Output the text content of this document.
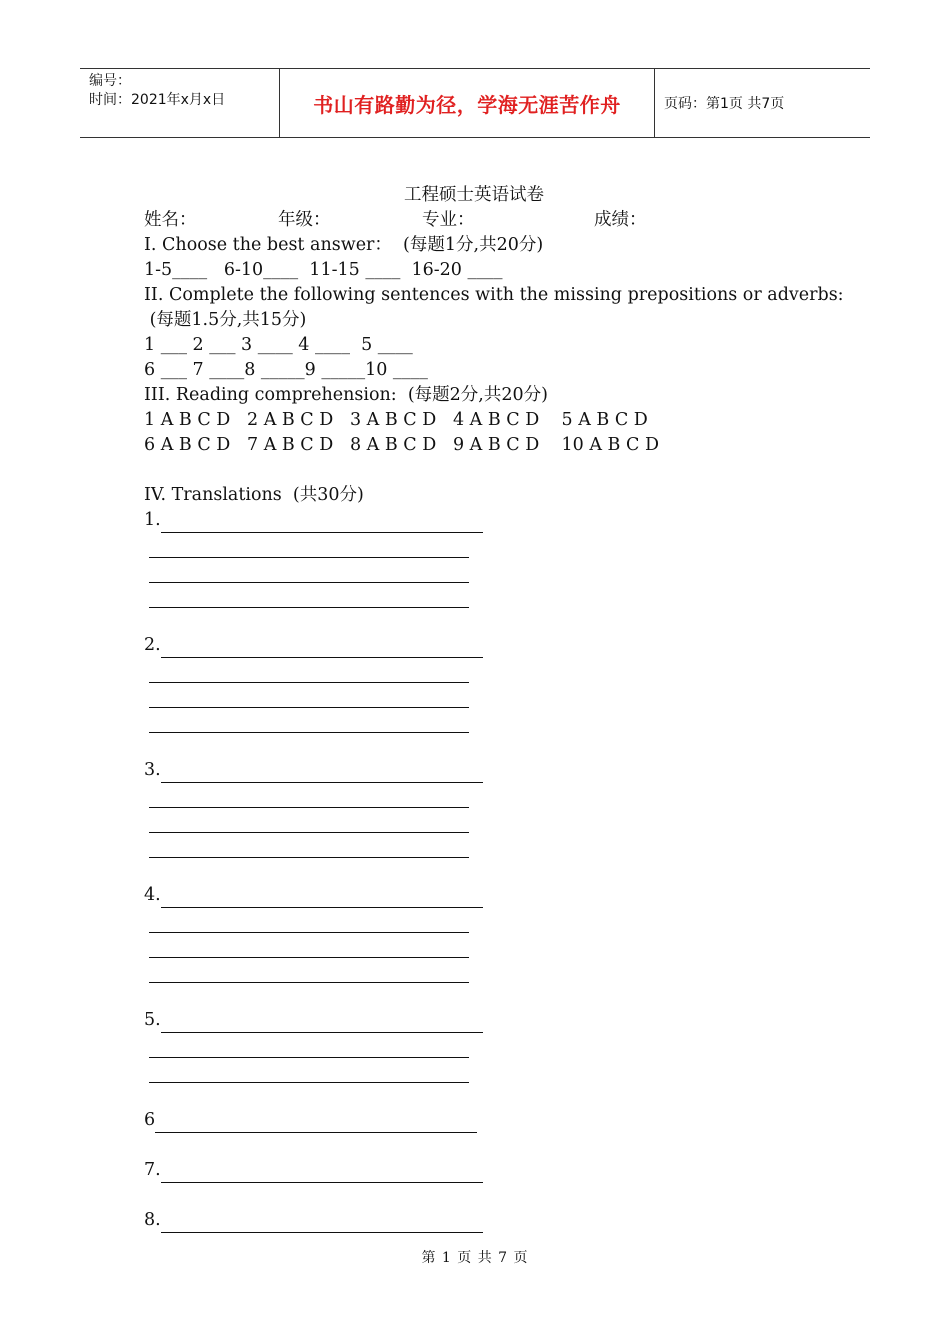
编号：
时间：2021年x月x日	书山有路勤为径，学海无涯苦作舟	页码：第1页 共7页
工程硕士英语试卷
姓名：	年级：	专业：	成绩：
I. Choose the best answer：  (每题1分,共20分)
1-5____   6-10____  11-15 ____  16-20 ____
II. Complete the following sentences with the missing prepositions or adverbs:
(每题1.5分,共15分)
1 ___ 2 ___ 3 ____ 4 ____  5 ____
6 ___ 7 ____8 _____9 _____10 ____
III. Reading comprehension:  (每题2分,共20分)
1 A B C D   2 A B C D   3 A B C D   4 A B C D    5 A B C D
6 A B C D   7 A B C D   8 A B C D   9 A B C D    10 A B C D
IV. Translations  (共30分)
1.
2.
3.
4.
5.
6
7.
8.
第 1 页 共 7 页
